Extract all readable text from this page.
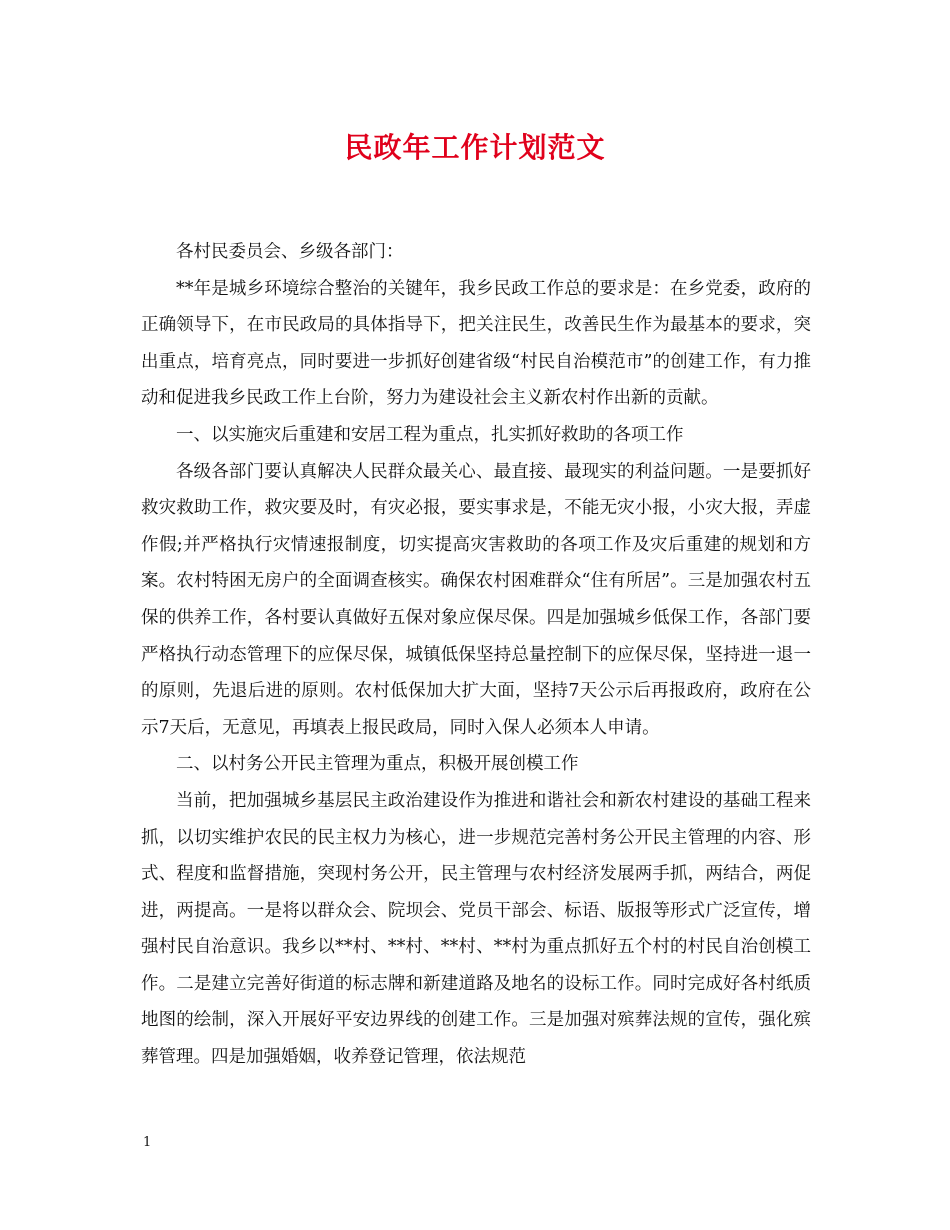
民政年工作计划范文

各村民委员会、乡级各部门：

**年是城乡环境综合整治的关键年，我乡民政工作总的要求是：在乡党委，政府的正确领导下，在市民政局的具体指导下，把关注民生，改善民生作为最基本的要求，突出重点，培育亮点，同时要进一步抓好创建省级“村民自治模范市”的创建工作，有力推动和促进我乡民政工作上台阶，努力为建设社会主义新农村作出新的贡献。

一、以实施灾后重建和安居工程为重点，扎实抓好救助的各项工作

各级各部门要认真解决人民群众最关心、最直接、最现实的利益问题。一是要抓好救灾救助工作，救灾要及时，有灾必报，要实事求是，不能无灾小报，小灾大报，弄虚作假;并严格执行灾情速报制度，切实提高灾害救助的各项工作及灾后重建的规划和方案。农村特困无房户的全面调查核实。确保农村困难群众“住有所居”。三是加强农村五保的供养工作，各村要认真做好五保对象应保尽保。四是加强城乡低保工作，各部门要严格执行动态管理下的应保尽保，城镇低保坚持总量控制下的应保尽保，坚持进一退一的原则，先退后进的原则。农村低保加大扩大面，坚持7天公示后再报政府，政府在公示7天后，无意见，再填表上报民政局，同时入保人必须本人申请。

二、以村务公开民主管理为重点，积极开展创模工作

当前，把加强城乡基层民主政治建设作为推进和谐社会和新农村建设的基础工程来抓，以切实维护农民的民主权力为核心，进一步规范完善村务公开民主管理的内容、形式、程度和监督措施，突现村务公开，民主管理与农村经济发展两手抓，两结合，两促进，两提高。一是将以群众会、院坝会、党员干部会、标语、版报等形式广泛宣传，增强村民自治意识。我乡以**村、**村、**村、**村为重点抓好五个村的村民自治创模工作。二是建立完善好街道的标志牌和新建道路及地名的设标工作。同时完成好各村纸质地图的绘制，深入开展好平安边界线的创建工作。三是加强对殡葬法规的宣传，强化殡葬管理。四是加强婚姻，收养登记管理，依法规范

1
